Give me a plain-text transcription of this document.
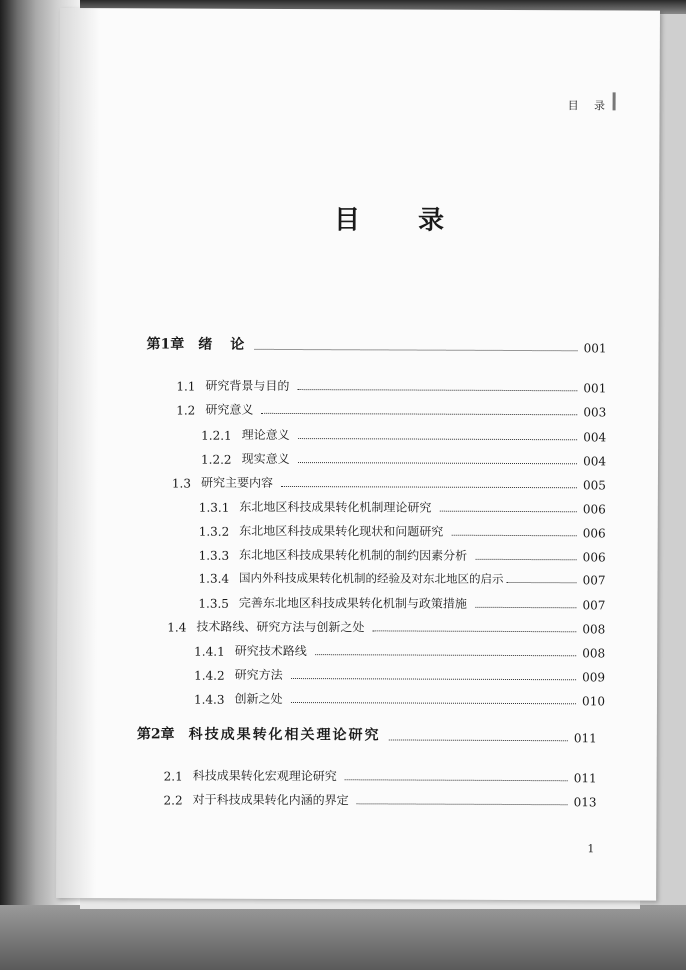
目 录
目　录
第1章 绪　论	001
1.1 研究背景与目的	001
1.2 研究意义	003
1.2.1 理论意义	004
1.2.2 现实意义	004
1.3 研究主要内容	005
1.3.1 东北地区科技成果转化机制理论研究	006
1.3.2 东北地区科技成果转化现状和问题研究	006
1.3.3 东北地区科技成果转化机制的制约因素分析	006
1.3.4 国内外科技成果转化机制的经验及对东北地区的启示	007
1.3.5 完善东北地区科技成果转化机制与政策措施	007
1.4 技术路线、研究方法与创新之处	008
1.4.1 研究技术路线	008
1.4.2 研究方法	009
1.4.3 创新之处	010
第2章 科技成果转化相关理论研究	011
2.1 科技成果转化宏观理论研究	011
2.2 对于科技成果转化内涵的界定	013
1
